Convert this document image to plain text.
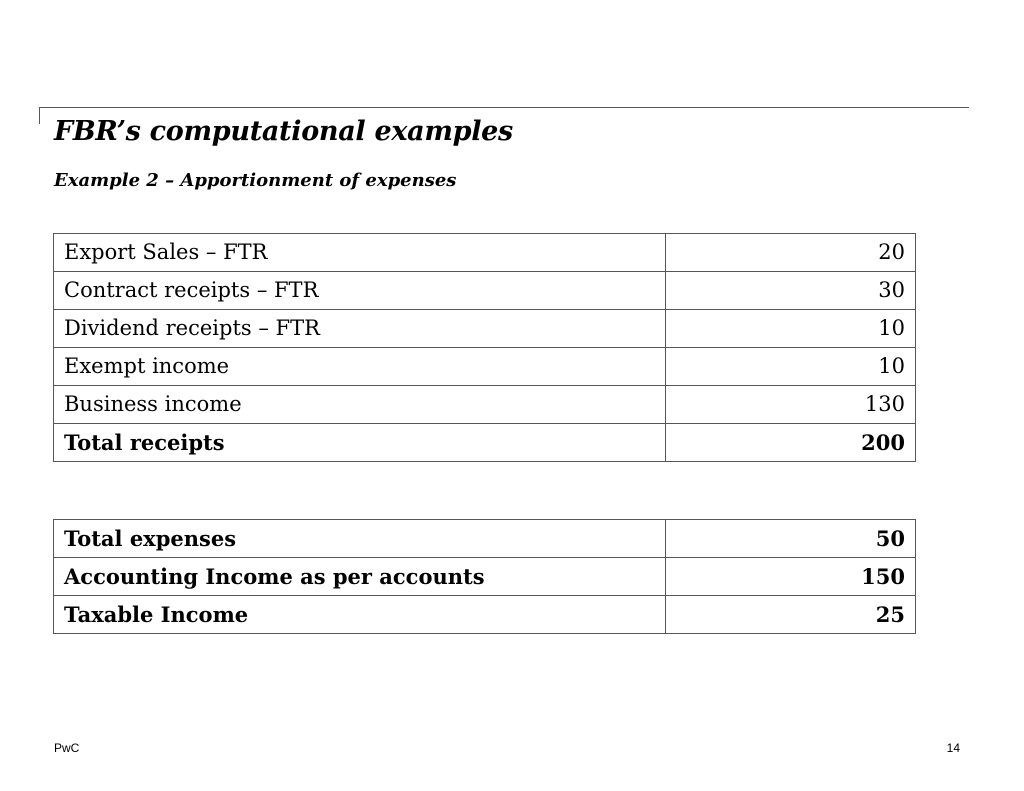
FBR’s computational examples
Example 2 – Apportionment of expenses
Export Sales – FTR	20
Contract receipts – FTR	30
Dividend receipts – FTR	10
Exempt income	10
Business income	130
Total receipts	200
Total expenses	50
Accounting Income as per accounts	150
Taxable Income	25
PwC	14
